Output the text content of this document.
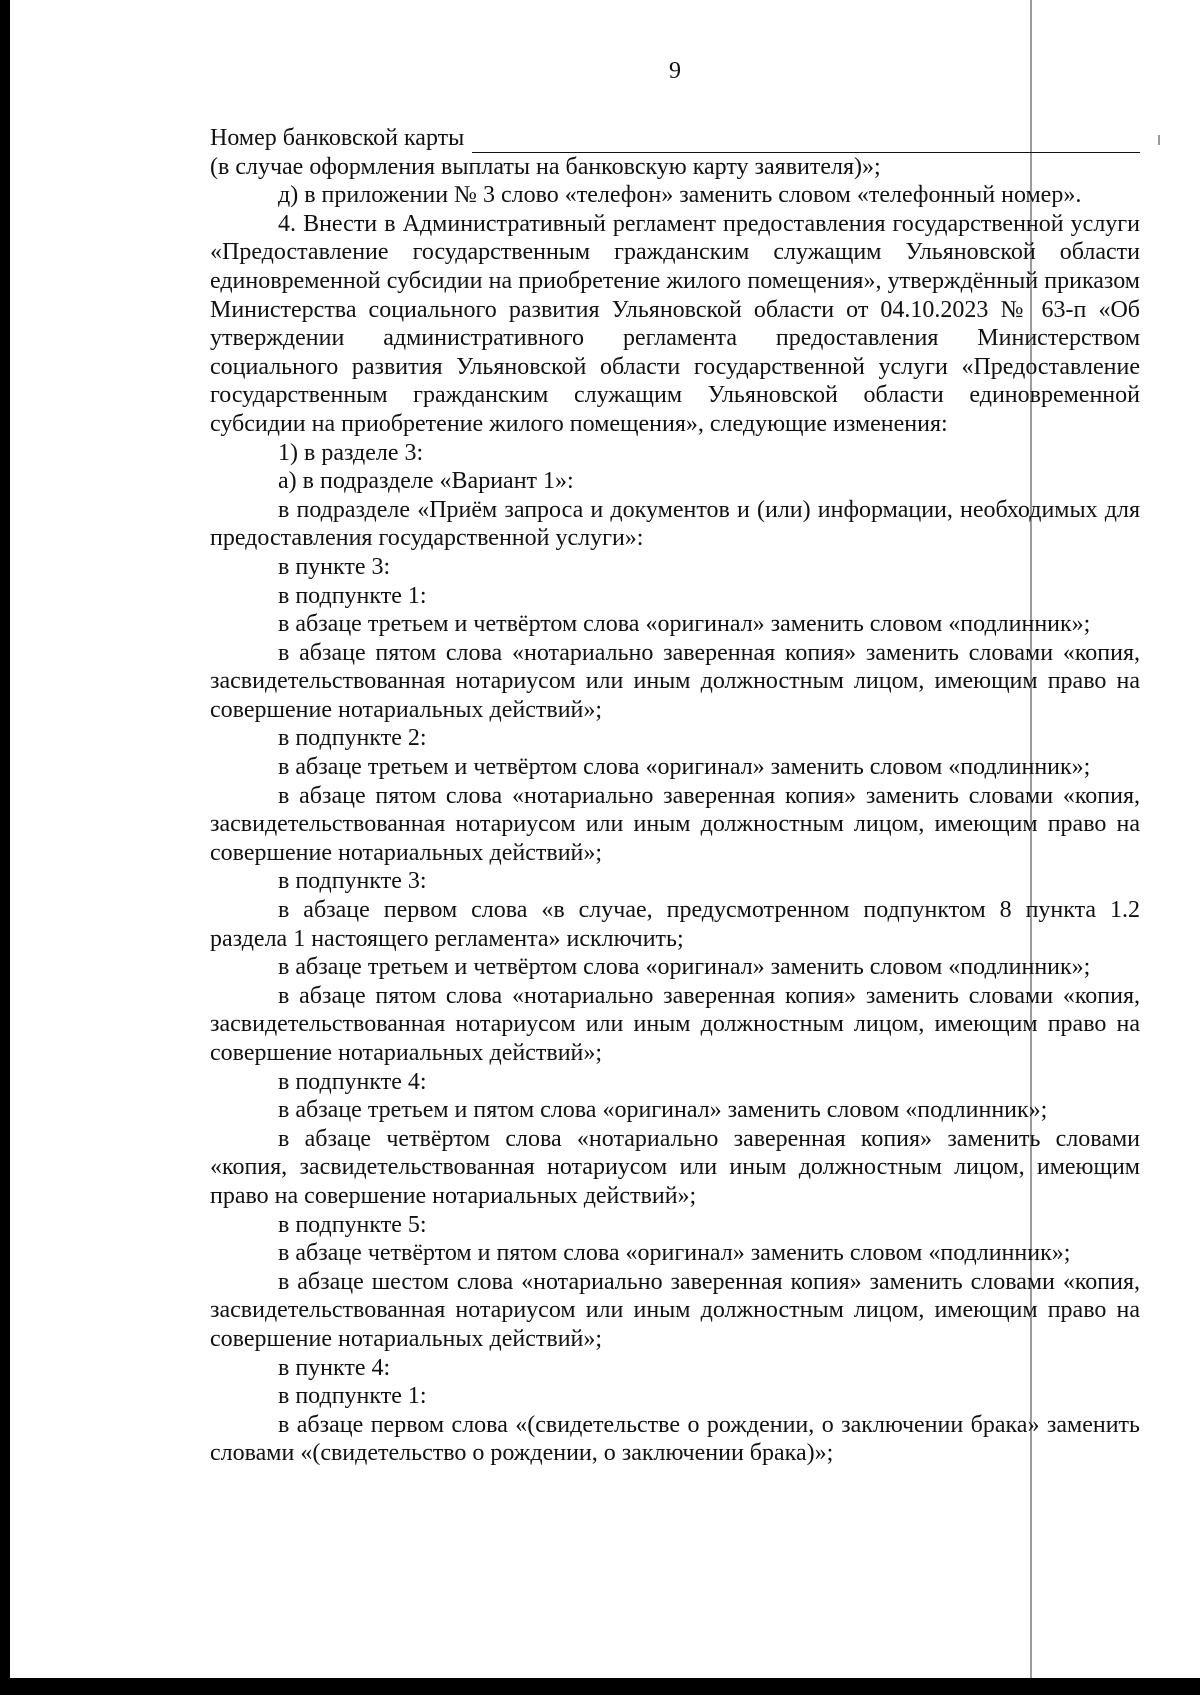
9
Номер банковской карты

(в случае оформления выплаты на банковскую карту заявителя)»;

д) в приложении № 3 слово «телефон» заменить словом «телефонный номер».

4. Внести в Административный регламент предоставления государственной услуги «Предоставление государственным гражданским служащим Ульяновской области единовременной субсидии на приобретение жилого помещения», утверждённый приказом Министерства социального развития Ульяновской области от 04.10.2023 № 63-п «Об утверждении административного регламента предоставления Министерством социального развития Ульяновской области государственной услуги «Предоставление государственным гражданским служащим Ульяновской области единовременной субсидии на приобретение жилого помещения», следующие изменения:

1) в разделе 3:

а) в подразделе «Вариант 1»:

в подразделе «Приём запроса и документов и (или) информации, необходимых для предоставления государственной услуги»:

в пункте 3:

в подпункте 1:

в абзаце третьем и четвёртом слова «оригинал» заменить словом «подлинник»;

в абзаце пятом слова «нотариально заверенная копия» заменить словами «копия, засвидетельствованная нотариусом или иным должностным лицом, имеющим право на совершение нотариальных действий»;

в подпункте 2:

в абзаце третьем и четвёртом слова «оригинал» заменить словом «подлинник»;

в абзаце пятом слова «нотариально заверенная копия» заменить словами «копия, засвидетельствованная нотариусом или иным должностным лицом, имеющим право на совершение нотариальных действий»;

в подпункте 3:

в абзаце первом слова «в случае, предусмотренном подпунктом 8 пункта 1.2 раздела 1 настоящего регламента» исключить;

в абзаце третьем и четвёртом слова «оригинал» заменить словом «подлинник»;

в абзаце пятом слова «нотариально заверенная копия» заменить словами «копия, засвидетельствованная нотариусом или иным должностным лицом, имеющим право на совершение нотариальных действий»;

в подпункте 4:

в абзаце третьем и пятом слова «оригинал» заменить словом «подлинник»;

в абзаце четвёртом слова «нотариально заверенная копия» заменить словами «копия, засвидетельствованная нотариусом или иным должностным лицом, имеющим право на совершение нотариальных действий»;

в подпункте 5:

в абзаце четвёртом и пятом слова «оригинал» заменить словом «подлинник»;

в абзаце шестом слова «нотариально заверенная копия» заменить словами «копия, засвидетельствованная нотариусом или иным должностным лицом, имеющим право на совершение нотариальных действий»;

в пункте 4:

в подпункте 1:

в абзаце первом слова «(свидетельстве о рождении, о заключении брака» заменить словами «(свидетельство о рождении, о заключении брака)»;
